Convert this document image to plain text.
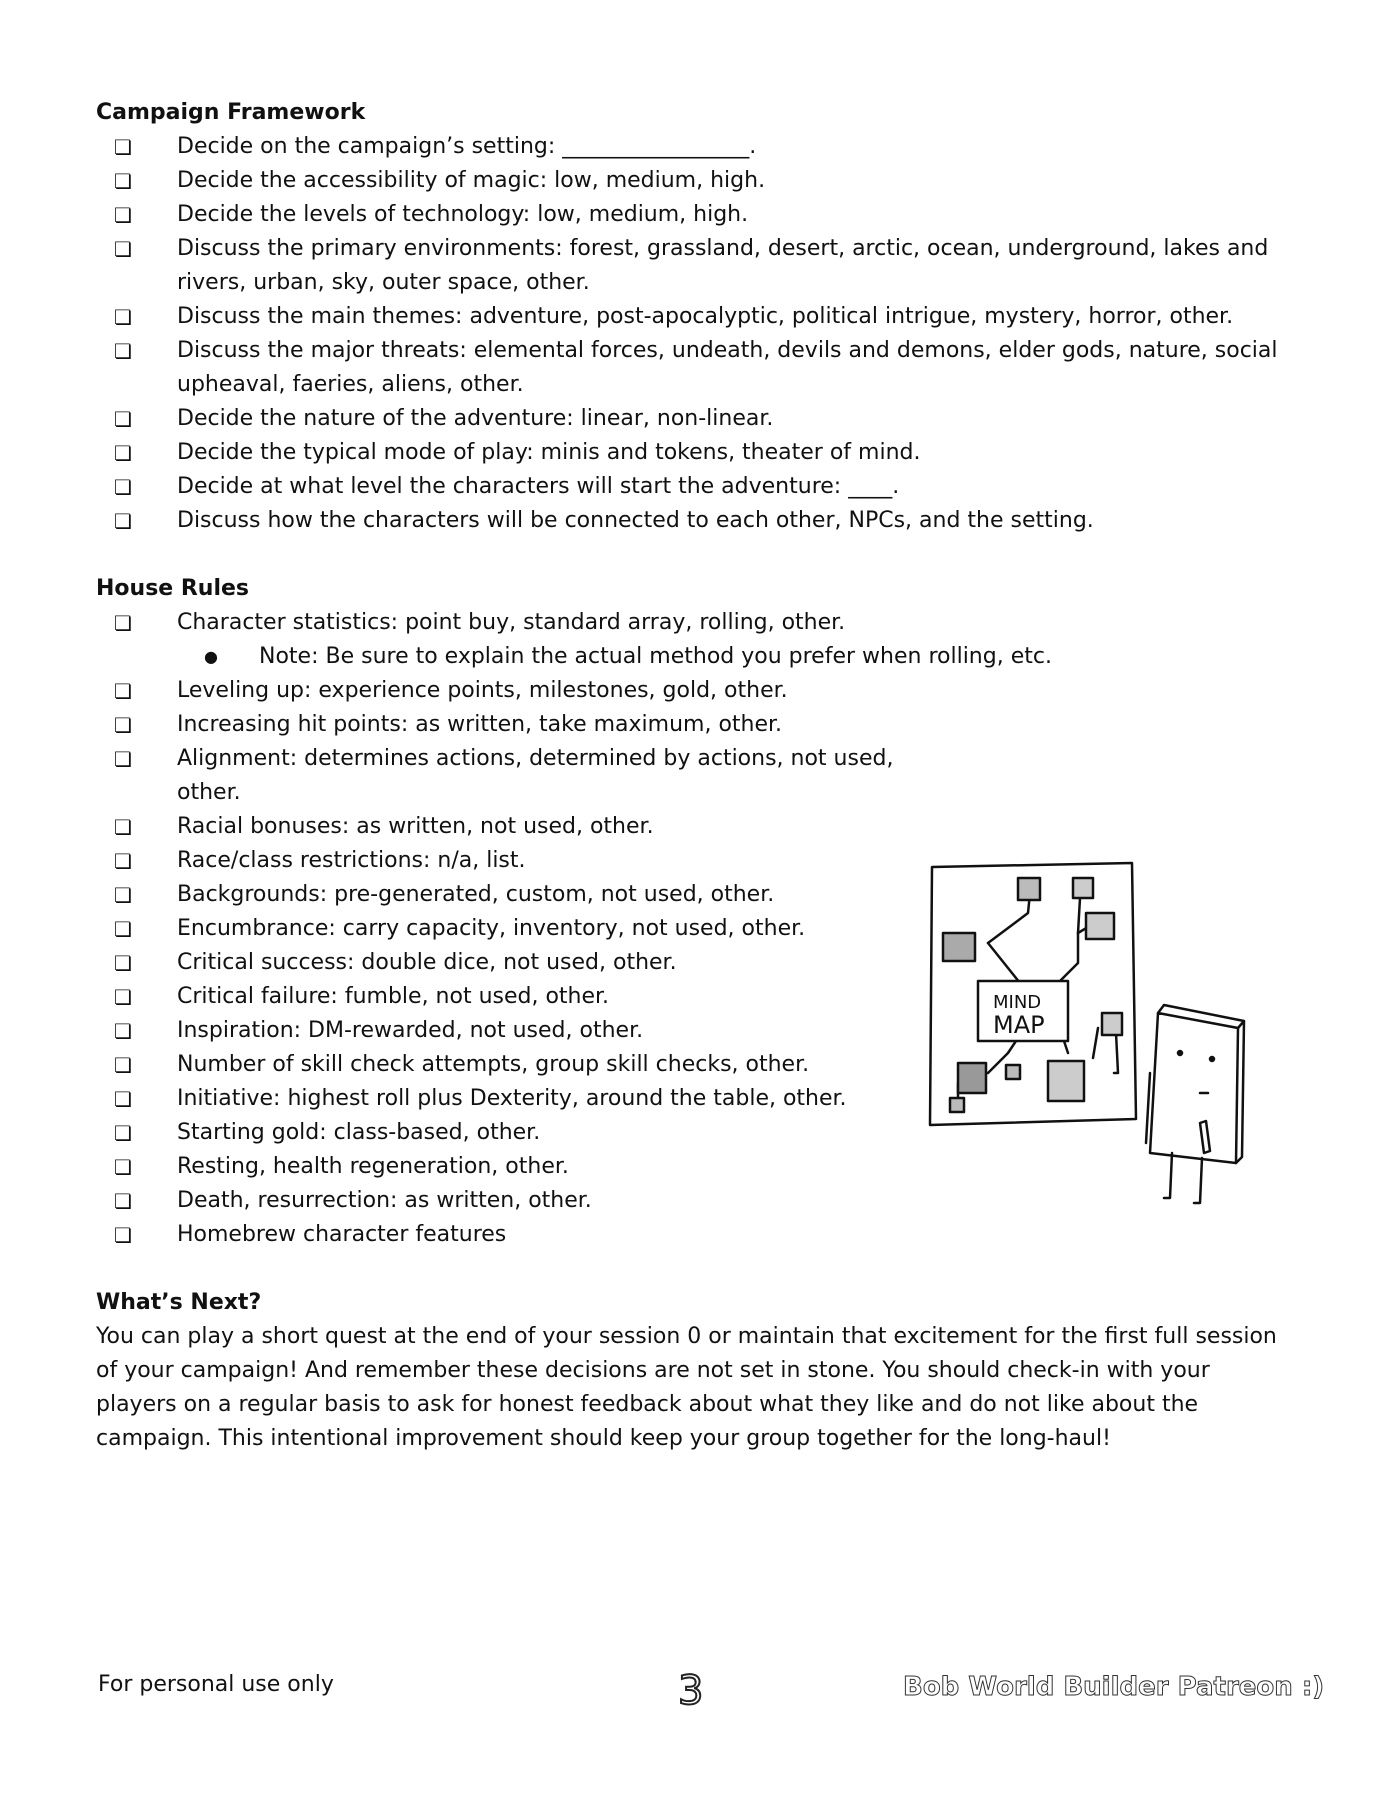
Campaign Framework
❏ Decide on the campaign’s setting: _________________.
❏ Decide the accessibility of magic: low, medium, high.
❏ Decide the levels of technology: low, medium, high.
❏ Discuss the primary environments: forest, grassland, desert, arctic, ocean, underground, lakes and rivers, urban, sky, outer space, other.
❏ Discuss the main themes: adventure, post-apocalyptic, political intrigue, mystery, horror, other.
❏ Discuss the major threats: elemental forces, undeath, devils and demons, elder gods, nature, social upheaval, faeries, aliens, other.
❏ Decide the nature of the adventure: linear, non-linear.
❏ Decide the typical mode of play: minis and tokens, theater of mind.
❏ Decide at what level the characters will start the adventure: ____.
❏ Discuss how the characters will be connected to each other, NPCs, and the setting.
House Rules
❏ Character statistics: point buy, standard array, rolling, other.
● Note: Be sure to explain the actual method you prefer when rolling, etc.
❏ Leveling up: experience points, milestones, gold, other.
❏ Increasing hit points: as written, take maximum, other.
❏ Alignment: determines actions, determined by actions, not used, other.
❏ Racial bonuses: as written, not used, other.
❏ Race/class restrictions: n/a, list.
❏ Backgrounds: pre-generated, custom, not used, other.
❏ Encumbrance: carry capacity, inventory, not used, other.
❏ Critical success: double dice, not used, other.
❏ Critical failure: fumble, not used, other.
❏ Inspiration: DM-rewarded, not used, other.
❏ Number of skill check attempts, group skill checks, other.
❏ Initiative: highest roll plus Dexterity, around the table, other.
❏ Starting gold: class-based, other.
❏ Resting, health regeneration, other.
❏ Death, resurrection: as written, other.
❏ Homebrew character features
What’s Next?

You can play a short quest at the end of your session 0 or maintain that excitement for the first full session of your campaign! And remember these decisions are not set in stone. You should check-in with your players on a regular basis to ask for honest feedback about what they like and do not like about the campaign. This intentional improvement should keep your group together for the long-haul!

MIND
MAP
For personal use only	3	Bob World Builder Patreon :)
